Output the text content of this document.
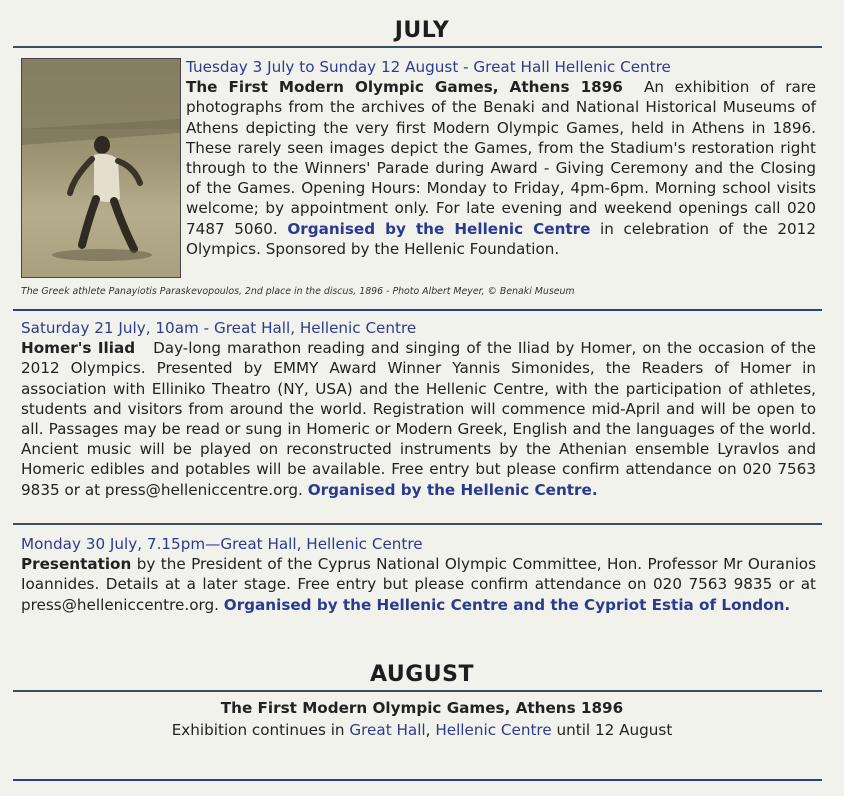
JULY
Tuesday 3 July to Sunday 12 August - Great Hall Hellenic Centre
The First Modern Olympic Games, Athens 1896 An exhibition of rare photographs from the archives of the Benaki and National Historical Museums of Athens depicting the very first Modern Olympic Games, held in Athens in 1896. These rarely seen images depict the Games, from the Stadium's restoration right through to the Winners' Parade during Award - Giving Ceremony and the Closing of the Games. Opening Hours: Monday to Friday, 4pm-6pm. Morning school visits welcome; by appointment only. For late evening and weekend openings call 020 7487 5060. Organised by the Hellenic Centre in celebration of the 2012 Olympics. Sponsored by the Hellenic Foundation.
The Greek athlete Panayiotis Paraskevopoulos, 2nd place in the discus, 1896 - Photo Albert Meyer, © Benaki Museum
Saturday 21 July, 10am - Great Hall, Hellenic Centre
Homer's Iliad Day-long marathon reading and singing of the Iliad by Homer, on the occasion of the 2012 Olympics. Presented by EMMY Award Winner Yannis Simonides, the Readers of Homer in association with Elliniko Theatro (NY, USA) and the Hellenic Centre, with the participation of athletes, students and visitors from around the world. Registration will commence mid-April and will be open to all. Passages may be read or sung in Homeric or Modern Greek, English and the languages of the world. Ancient music will be played on reconstructed instruments by the Athenian ensemble Lyravlos and Homeric edibles and potables will be available. Free entry but please confirm attendance on 020 7563 9835 or at press@helleniccentre.org. Organised by the Hellenic Centre.
Monday 30 July, 7.15pm—Great Hall, Hellenic Centre
Presentation by the President of the Cyprus National Olympic Committee, Hon. Professor Mr Ouranios Ioannides. Details at a later stage. Free entry but please confirm attendance on 020 7563 9835 or at press@helleniccentre.org. Organised by the Hellenic Centre and the Cypriot Estia of London.
AUGUST
The First Modern Olympic Games, Athens 1896
Exhibition continues in Great Hall, Hellenic Centre until 12 August
